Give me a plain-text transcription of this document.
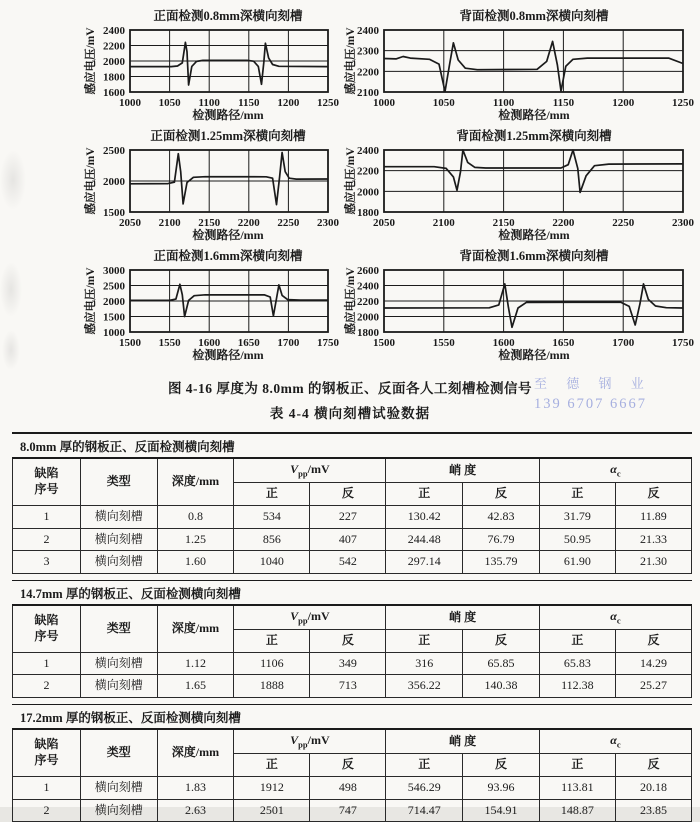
正面检测0.8mm深横向刻槽
感应电压/mV
1000 1050 1100 1150 1200 1250
1600
1800
2000
2200
2400
检测路径/mm
背面检测0.8mm深横向刻槽
感应电压/mV
1000	1050	1100	1150	1200	1250
2100
2200
2300
2400
检测路径/mm
正面检测1.25mm深横向刻槽
感应电压/mV
2050 2100 2150 2200 2250 2300
1500
2000
2500
检测路径/mm
背面检测1.25mm深横向刻槽
感应电压/mV
2050	2100	2150	2200	2250	2300
1800
2000
2200
2400
检测路径/mm
正面检测1.6mm深横向刻槽
感应电压/mV
1500 1550 1600 1650 1700 1750
1000
1500
2000
2500
3000
检测路径/mm
背面检测1.6mm深横向刻槽
感应电压/mV
1500	1550	1600	1650	1700	1750
1800
2000
2200
2400
2600
检测路径/mm
图 4-16 厚度为 8.0mm 的钢板正、反面各人工刻槽检测信号 至 德 钢 业
139 6707 6667
表 4-4 横向刻槽试验数据
8.0mm 厚的钢板正、反面检测横向刻槽
缺陷
序号	类型	深度/mm	$V_{pp}/mV$		峭 度		$\alpha_c$
			正	反	正	反	正	反
1	横向刻槽	0.8	534	227	130.42	42.83	31.79	11.89
2	横向刻槽	1.25	856	407	244.48	76.79	50.95	21.33
3	横向刻槽	1.60	1040	542	297.14	135.79	61.90	21.30
14.7mm 厚的钢板正、反面检测横向刻槽
缺陷
序号	类型	深度/mm	$V_{pp}/mV$		峭 度		$\alpha_c$
			正	反	正	反	正	反
1	横向刻槽	1.12	1106	349	316	65.85	65.83	14.29
2	横向刻槽	1.65	1888	713	356.22	140.38	112.38	25.27
17.2mm 厚的钢板正、反面检测横向刻槽
缺陷
序号	类型	深度/mm	$V_{pp}/mV$		峭 度		$\alpha_c$
			正	反	正	反	正	反
1	横向刻槽	1.83	1912	498	546.29	93.96	113.81	20.18
2	横向刻槽	2.63	2501	747	714.47	154.91	148.87	23.85
